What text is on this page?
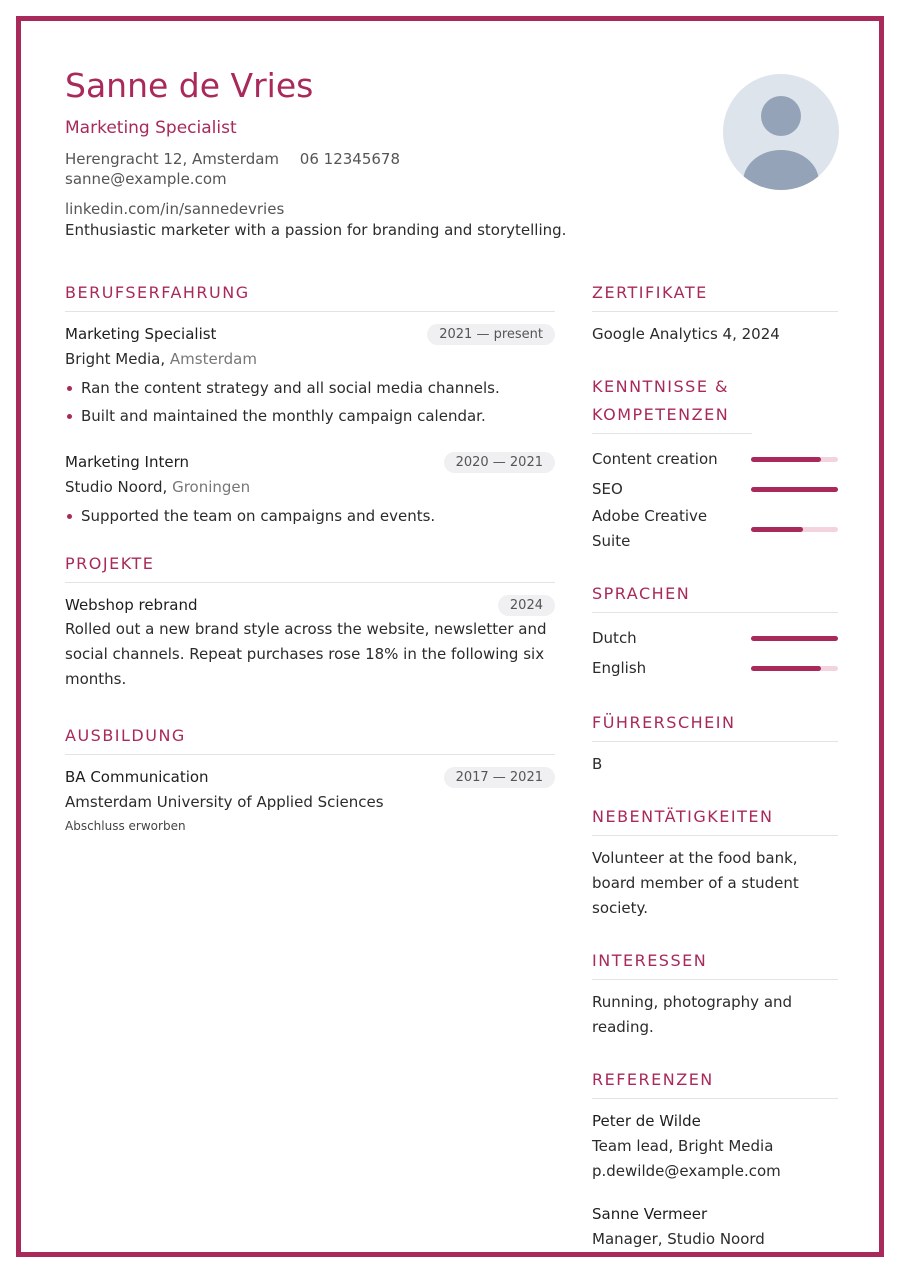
Sanne de Vries
Marketing Specialist
Herengracht 12, Amsterdam 06 12345678 sanne@example.com
linkedin.com/in/sannedevries
Enthusiastic marketer with a passion for branding and storytelling.
BERUFSERFAHRUNG
Marketing Specialist	2021 — present
Bright Media, Amsterdam
Ran the content strategy and all social media channels.
Built and maintained the monthly campaign calendar.
Marketing Intern	2020 — 2021
Studio Noord, Groningen
Supported the team on campaigns and events.
PROJEKTE
Webshop rebrand	2024
Rolled out a new brand style across the website, newsletter and social channels. Repeat purchases rose 18% in the following six months.
AUSBILDUNG
BA Communication	2017 — 2021
Amsterdam University of Applied Sciences
Abschluss erworben
ZERTIFIKATE
Google Analytics 4, 2024
KENNTNISSE & KOMPETENZEN
Content creation
SEO
Adobe Creative Suite
SPRACHEN
Dutch
English
FÜHRERSCHEIN
B
NEBENTÄTIGKEITEN
Volunteer at the food bank, board member of a student society.
INTERESSEN
Running, photography and reading.
REFERENZEN
Peter de Wilde
Team lead, Bright Media
p.dewilde@example.com
Sanne Vermeer
Manager, Studio Noord
